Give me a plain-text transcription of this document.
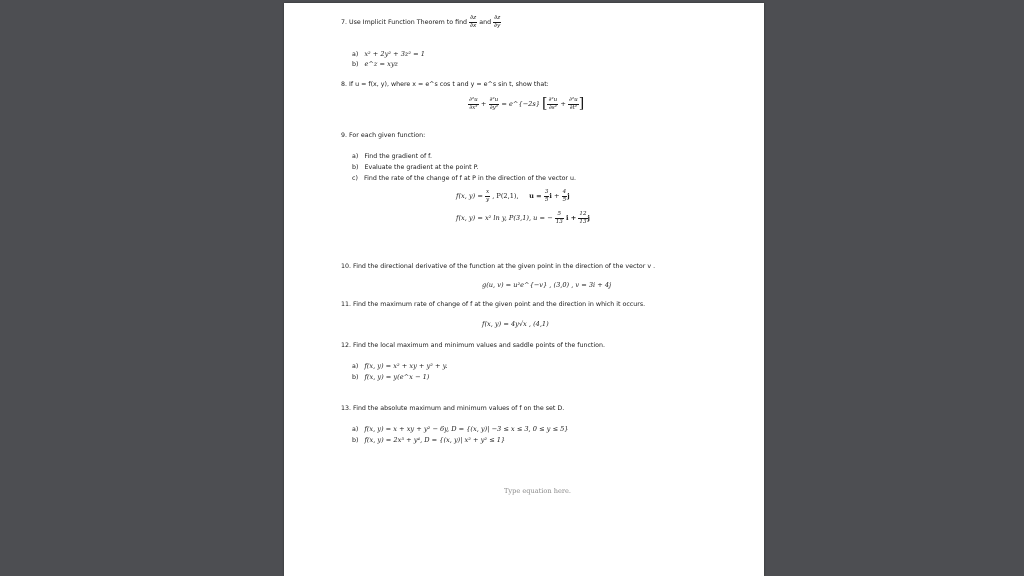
7. Use Implicit Function Theorem to find $\frac{\partial z}{\partial x}$ and $\frac{\partial z}{\partial y}$
a) x² + 2y² + 3z² = 1
b) e^z = xyz
8. If u = f(x, y), where x = e^s cos t and y = e^s sin t, show that:
$\frac{\text{∂²u}}{\text{∂x²}} + \frac{\text{∂²u}}{\text{∂y²}}$ = e^{−2s} [ $\frac{\text{∂²u}}{\text{∂s²}} + \frac{\text{∂²u}}{\text{∂t²}}$ ]
9. For each given function:
a) Find the gradient of f.
b) Evaluate the gradient at the point P.
c) Find the rate of the change of f at P in the direction of the vector u.
f(x, $y) = \frac{x}{y}$ , P(2,1), $u = \frac{3}{5}$ $i + \frac{4}{5}$ j
f(x, y) = x² ln y, P(3,1), u = − $\frac{5}{13}$ $i + \frac{12}{13}$ j
10. Find the directional derivative of the function at the given point in the direction of the vector v .
g(u, v) = u²e^{−v} , (3,0) , v = 3i + 4j
11. Find the maximum rate of change of f at the given point and the direction in which it occurs.
f(x, y) = 4y√x , (4,1)
12. Find the local maximum and minimum values and saddle points of the function.
a) f(x, y) = x² + xy + y² + y.
b) f(x, y) = y(e^x − 1)
13. Find the absolute maximum and minimum values of f on the set D.
a) f(x, y) = x + xy + y² − 6y, D = {(x, y)| −3 ≤ x ≤ 3, 0 ≤ y ≤ 5}
b) f(x, y) = 2x³ + y⁴, D = {(x, y)| x² + y² ≤ 1}
Type equation here.
